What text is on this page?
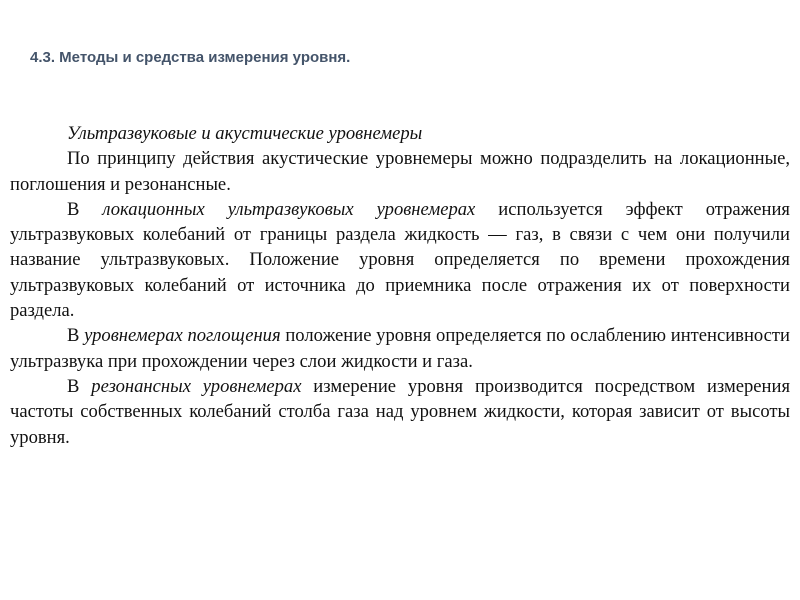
4.3. Методы и средства измерения уровня.

Ультразвуковые и акустические уровнемеры

По принципу действия акустические уровнемеры можно подразделить на локационные, поглошения и резонансные.

В локационных ультразвуковых уровнемерах используется эффект отражения ультразвуковых колебаний от границы раздела жидкость — газ, в связи с чем они получили название ультразвуковых. Положение уровня определяется по времени прохождения ультразвуковых колебаний от источника до приемника после отражения их от поверхности раздела.

В уровнемерах поглощения положение уровня определяется по ослаблению интенсивности ультразвука при прохождении через слои жидкости и газа.

В резонансных уровнемерах измерение уровня производится посредством измерения частоты собственных колебаний столба газа над уровнем жидкости, которая зависит от высоты уровня.
